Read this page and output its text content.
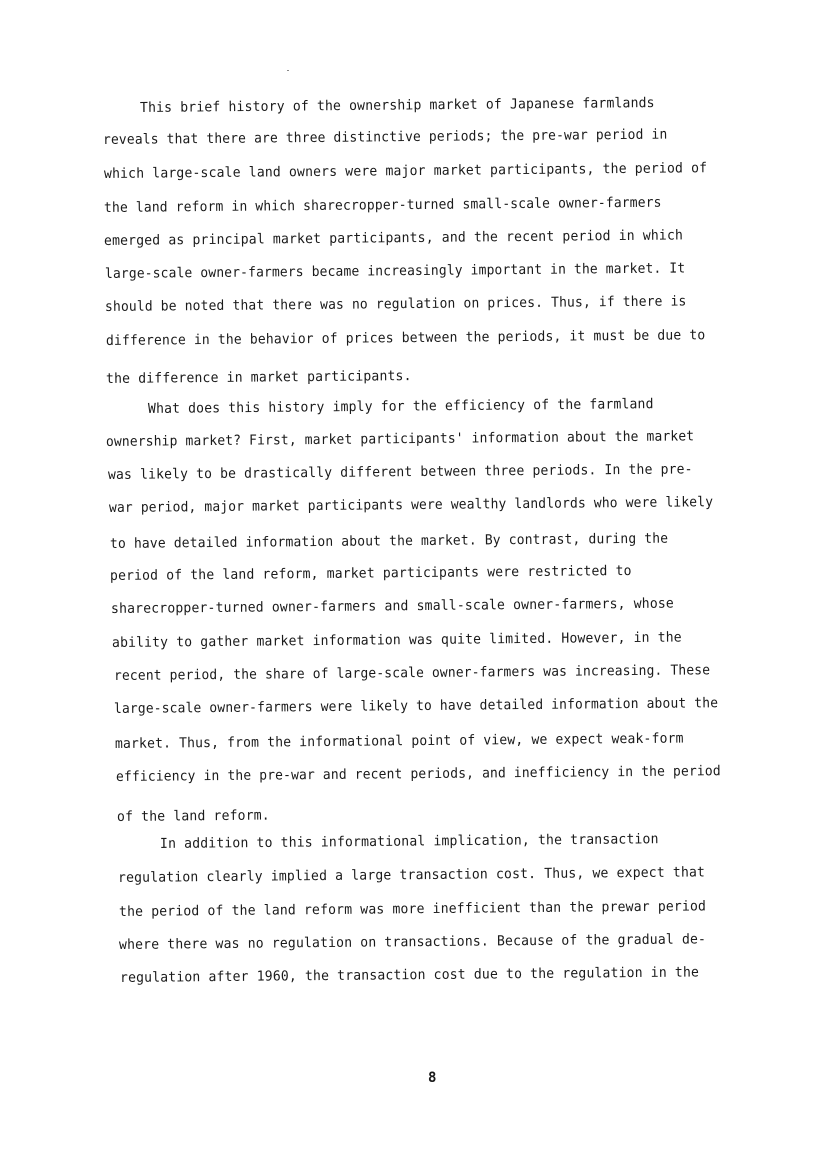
This brief history of the ownership market of Japanese farmlands
reveals that there are three distinctive periods; the pre-war period in
which large-scale land owners were major market participants, the period of
the land reform in which sharecropper-turned small-scale owner-farmers
emerged as principal market participants, and the recent period in which
large-scale owner-farmers became increasingly important in the market. It
should be noted that there was no regulation on prices. Thus, if there is
difference in the behavior of prices between the periods, it must be due to
the difference in market participants.
What does this history imply for the efficiency of the farmland
ownership market? First, market participants' information about the market
was likely to be drastically different between three periods. In the pre-
war period, major market participants were wealthy landlords who were likely
to have detailed information about the market. By contrast, during the
period of the land reform, market participants were restricted to
sharecropper-turned owner-farmers and small-scale owner-farmers, whose
ability to gather market information was quite limited. However, in the
recent period, the share of large-scale owner-farmers was increasing. These
large-scale owner-farmers were likely to have detailed information about the
market. Thus, from the informational point of view, we expect weak-form
efficiency in the pre-war and recent periods, and inefficiency in the period
of the land reform.
In addition to this informational implication, the transaction
regulation clearly implied a large transaction cost. Thus, we expect that
the period of the land reform was more inefficient than the prewar period
where there was no regulation on transactions. Because of the gradual de-
regulation after 1960, the transaction cost due to the regulation in the
8
